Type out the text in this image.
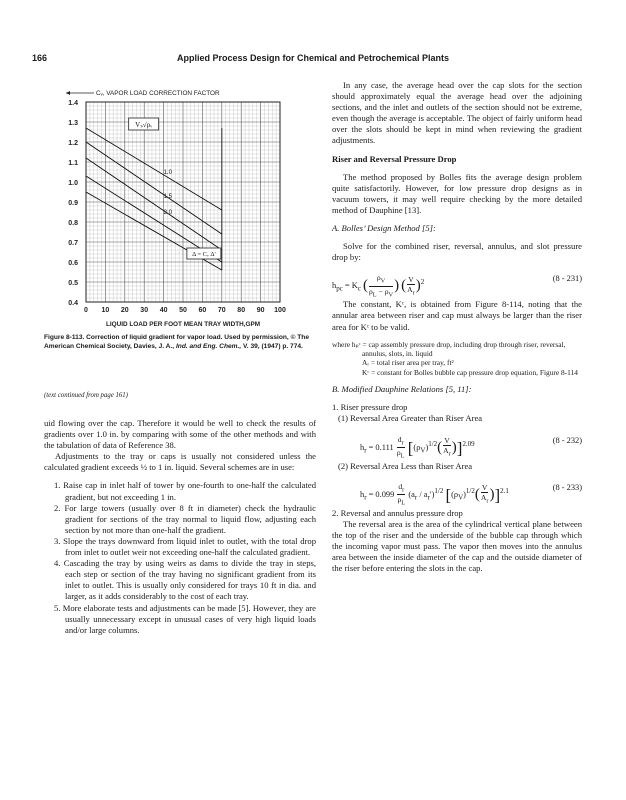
166	Applied Process Design for Chemical and Petrochemical Plants
0.4
0.5
0.6
0.7
0.8
0.9
1.0
1.1
1.2
1.3
1.4
0 10 20 30 40 50 60 70 80 90 100
LIQUID LOAD PER FOOT MEAN TRAY WIDTH,GPM
Cᵥ, VAPOR LOAD CORRECTION FACTOR
Vₛ√ρᵥ
Δ = Cᵥ Δ'
1.0
1.5
2.0
Figure 8-113. Correction of liquid gradient for vapor load. Used by permission, © The American Chemical Society, Davies, J. A., Ind. and Eng. Chem., V. 39, (1947) p. 774.
(text continued from page 161)

uid flowing over the cap. Therefore it would be well to check the results of gradients over 1.0 in. by comparing with some of the other methods and with the tabulation of data of Reference 38.

Adjustments to the tray or caps is usually not considered unless the calculated gradient exceeds ½ to 1 in. liquid. Several schemes are in use:

1. Raise cap in inlet half of tower by one-fourth to one-half the calculated gradient, but not exceeding 1 in.
2. For large towers (usually over 8 ft in diameter) check the hydraulic gradient for sections of the tray normal to liquid flow, adjusting each section by not more than one-half the gradient.
3. Slope the trays downward from liquid inlet to outlet, with the total drop from inlet to outlet weir not exceeding one-half the calculated gradient.
4. Cascading the tray by using weirs as dams to divide the tray in steps, each step or section of the tray having no significant gradient from its inlet to outlet. This is usually only considered for trays 10 ft in dia. and larger, as it adds considerably to the cost of each tray.
5. More elaborate tests and adjustments can be made [5]. However, they are usually unnecessary except in unusual cases of very high liquid loads and/or large columns.

In any case, the average head over the cap slots for the section should approximately equal the average head over the adjoining sections, and the inlet and outlets of the section should not be extreme, even though the average is acceptable. The object of fairly uniform head over the slots should be kept in mind when reviewing the gradient adjustments.

Riser and Reversal Pressure Drop

The method proposed by Bolles fits the average design problem quite satisfactorily. However, for low pressure drop designs as in vacuum towers, it may well require checking by the more detailed method of Dauphine [13].

A. Bolles’ Design Method [5]:

Solve for the combined riser, reversal, annulus, and slot pressure drop by:

$h_{pc} = K_c$ ( $\frac{\rho_V}{\rho_L - \rho_V}$ ) ( $\frac{V}{A_r} )^2$	(8 - 231)

The constant, Kᶜ, is obtained from Figure 8-114, noting that the annular area between riser and cap must always be larger than the riser area for Kᶜ to be valid.

where hₚᶜ = cap assembly pressure drop, including drop through riser, reversal, annulus, slots, in. liquid
Aᵣ = total riser area per tray, ft²
Kᶜ = constant for Bolles bubble cap pressure drop equation, Figure 8-114

B. Modified Dauphine Relations [5, 11]:

1. Riser pressure drop

(1) Reversal Area Greater than Riser Area

$h_r = 0.111 \frac{d_r}{\rho_L} [(\rho_V)^{1/2}( \frac{V}{A_r} )]^{2.09}$	(8 - 232)

(2) Reversal Area Less than Riser Area

$h_r = 0.099 \frac{d_r}{\rho_L} (a_r / a_r')^{1/2}$ $[(\rho_V)^{1/2}( \frac{V}{A_r} )]^{2.1}$	(8 - 233)

2. Reversal and annulus pressure drop

The reversal area is the area of the cylindrical vertical plane between the top of the riser and the underside of the bubble cap through which the incoming vapor must pass. The vapor then moves into the annulus area between the inside diameter of the cap and the outside diameter of the riser before entering the slots in the cap.
